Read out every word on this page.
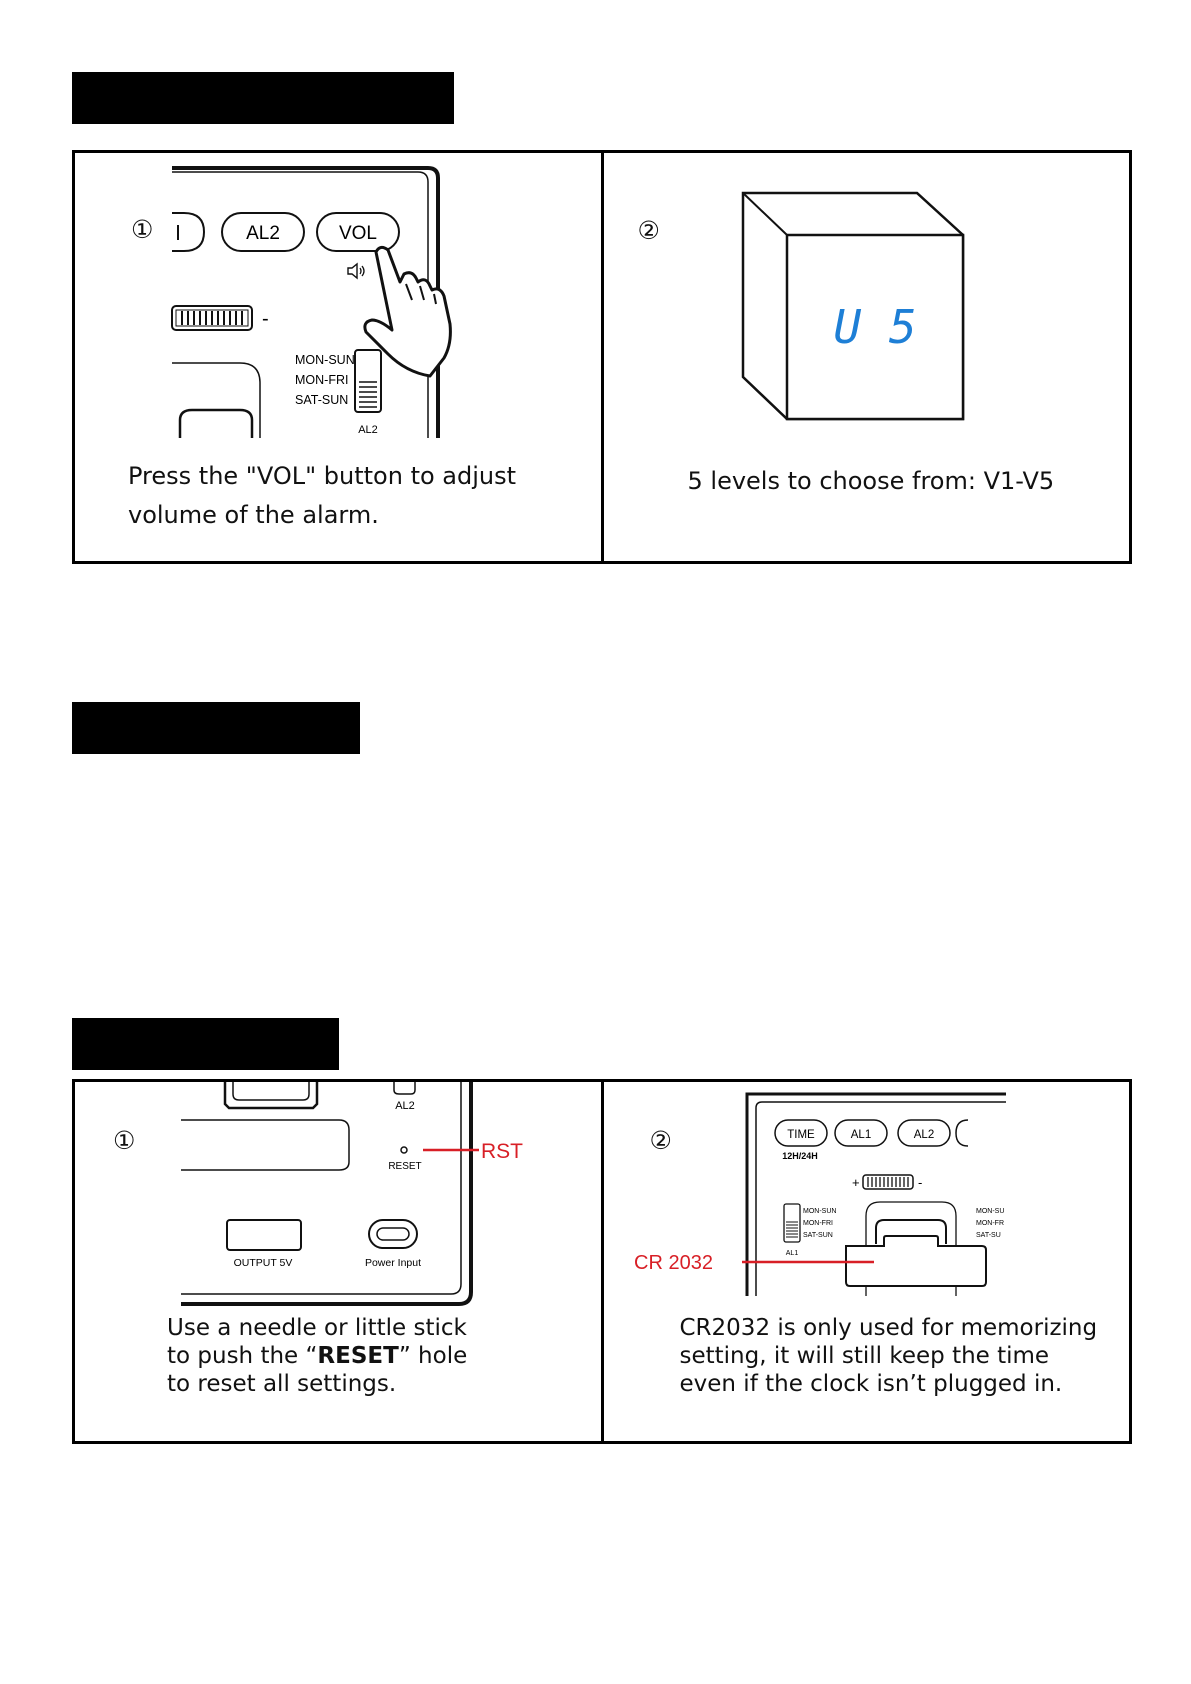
①	AL2	VOL
-
MON-SUN
MON-FRI
SAT-SUN
AL2
Press the "VOL" button to adjust
volume of the alarm.
②
U 5
5 levels to choose from: V1-V5
①
AL2
RESET
RST
OUTPUT 5V	Power Input
Use a needle or little stick
to push the “RESET” hole
to reset all settings.
②	TIME
12H/24H
AL1	AL2
+	-
MON-SUN
MON-FRI
SAT-SUN
AL1
MON-SU
MON-FR
SAT-SU
CR 2032
CR2032 is only used for memorizing
setting, it will still keep the time
even if the clock isn’t plugged in.
